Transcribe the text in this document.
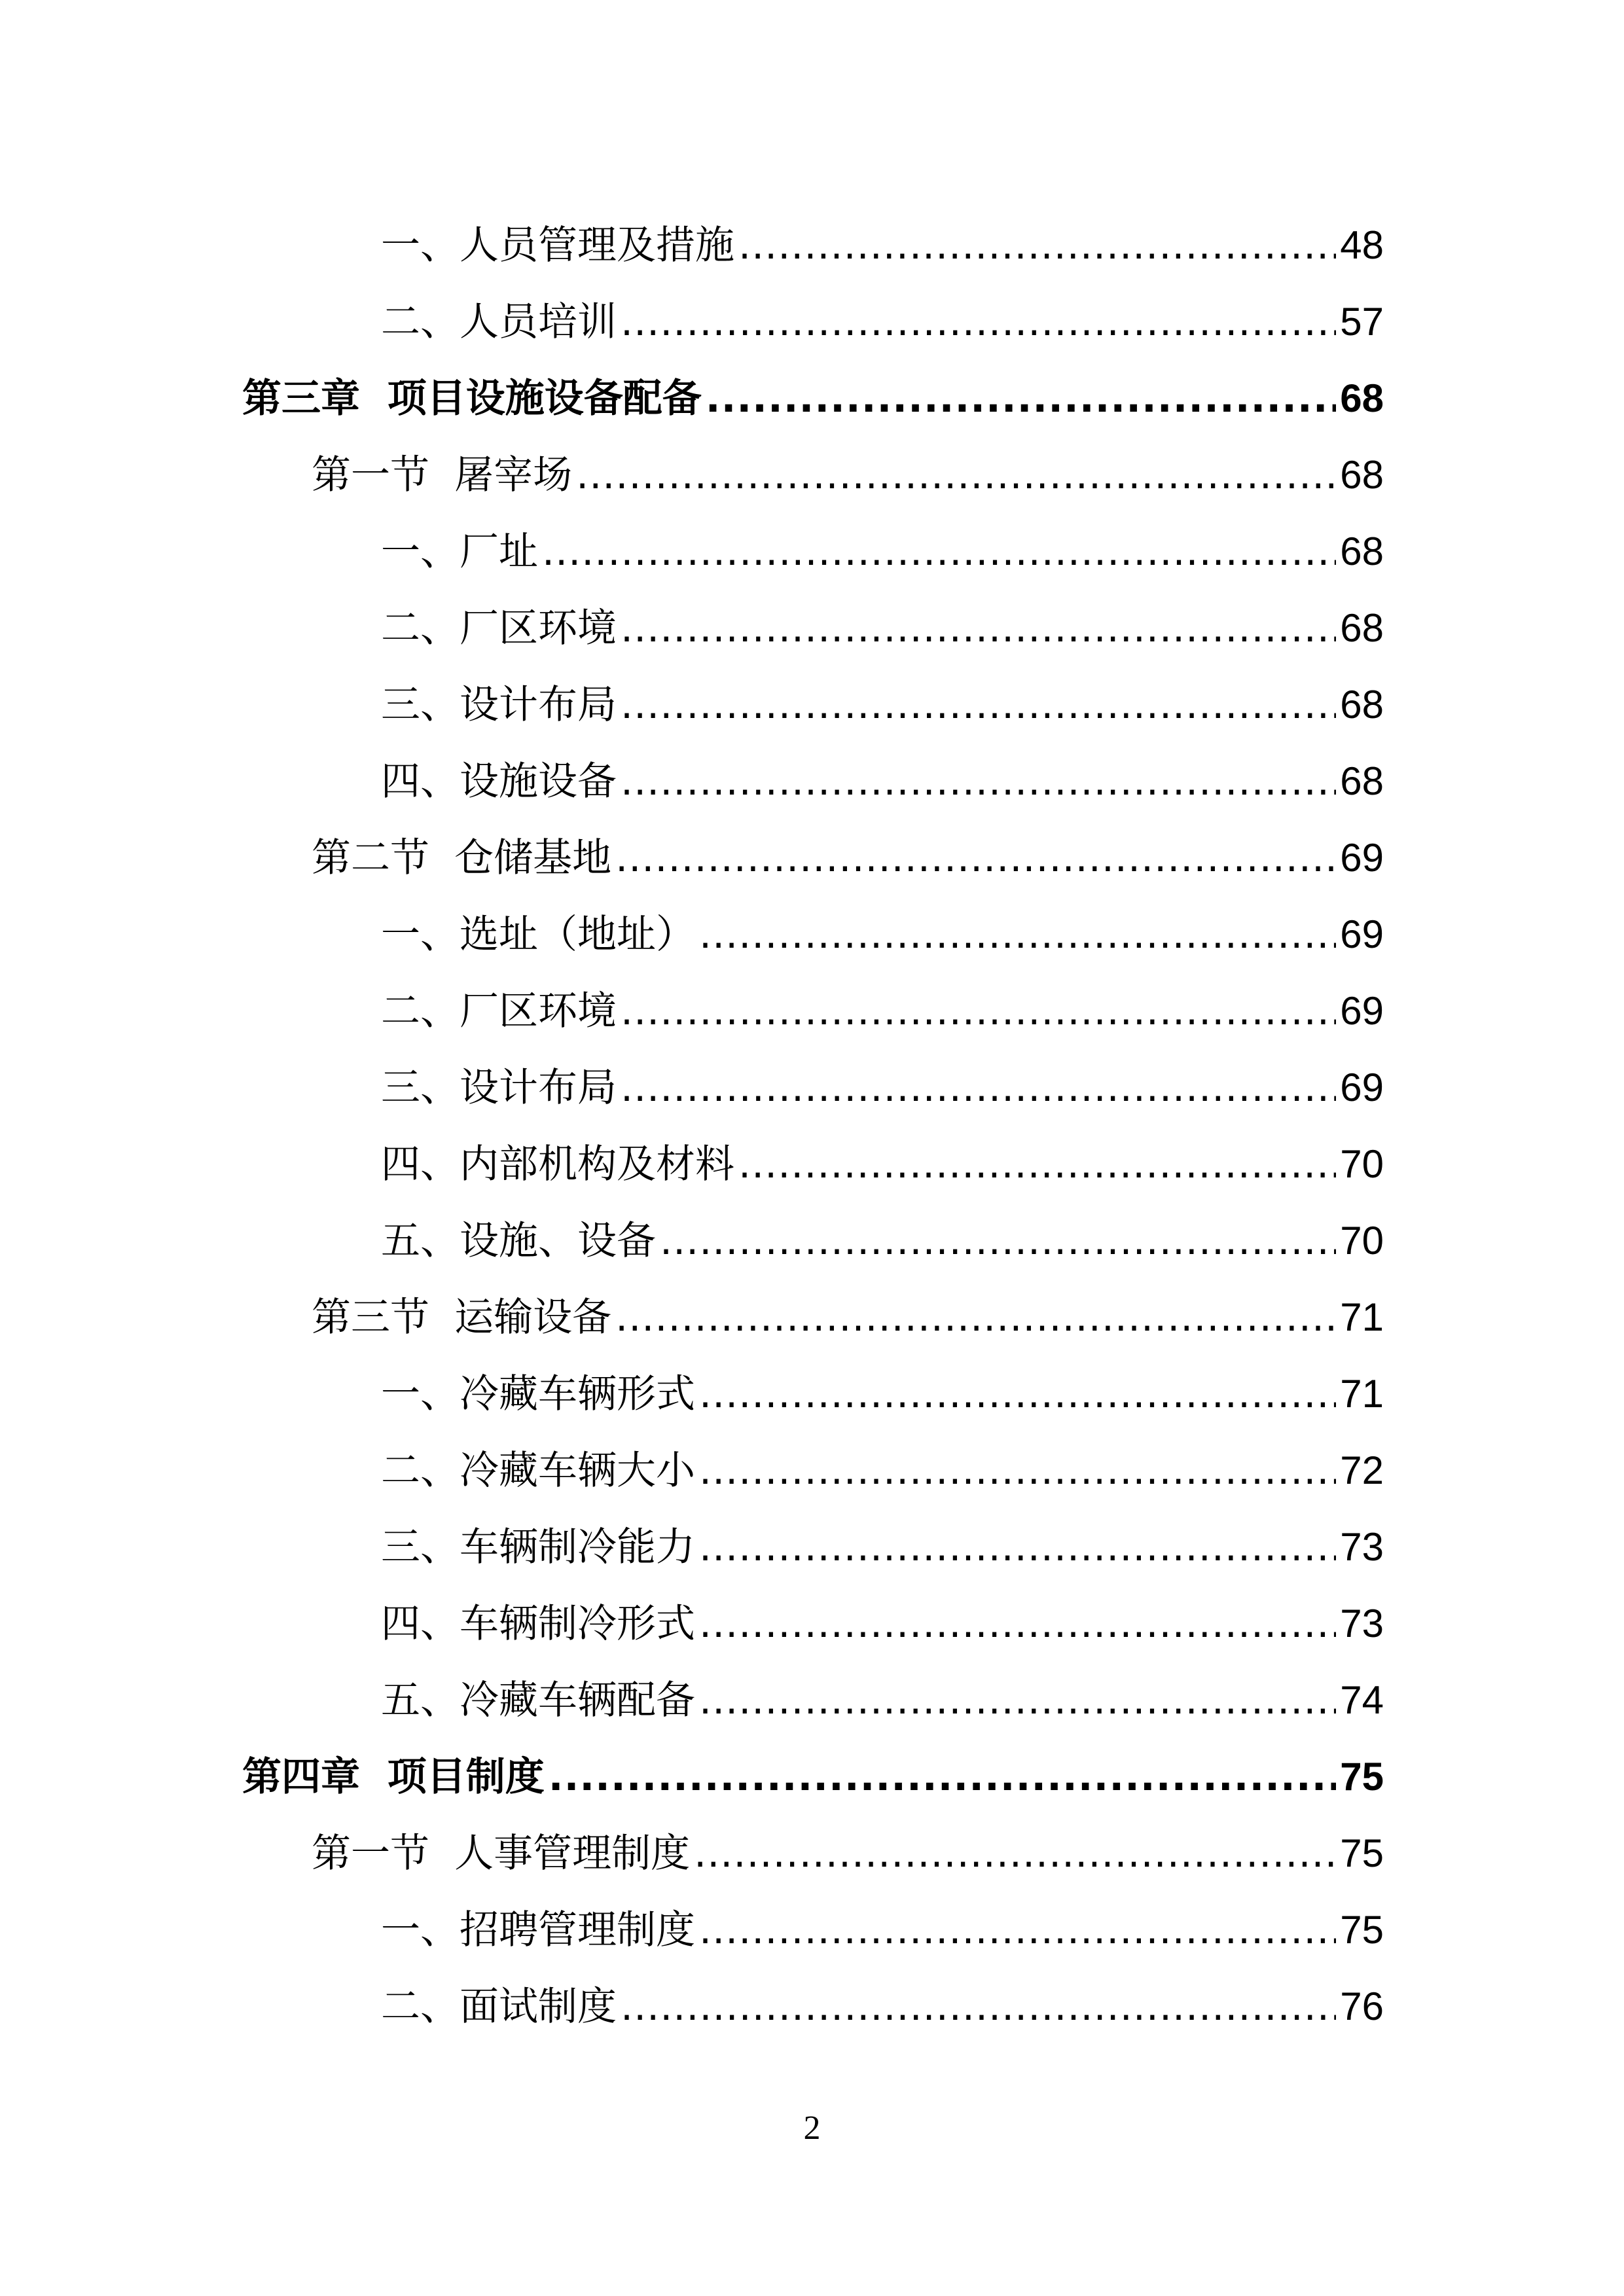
一、人员管理及措施 .....	48
二、人员培训 .....	57
第三章  项目设施设备配备 .....	68
第一节  屠宰场 .....	68
一、厂址 .....	68
二、厂区环境 .....	68
三、设计布局 .....	68
四、设施设备 .....	68
第二节  仓储基地 .....	69
一、选址（地址） .....	69
二、厂区环境 .....	69
三、设计布局 .....	69
四、内部机构及材料 .....	70
五、设施、设备 .....	70
第三节  运输设备 .....	71
一、冷藏车辆形式 .....	71
二、冷藏车辆大小 .....	72
三、车辆制冷能力 .....	73
四、车辆制冷形式 .....	73
五、冷藏车辆配备 .....	74
第四章  项目制度 .....	75
第一节  人事管理制度 .....	75
一、招聘管理制度 .....	75
二、面试制度 .....	76
2
